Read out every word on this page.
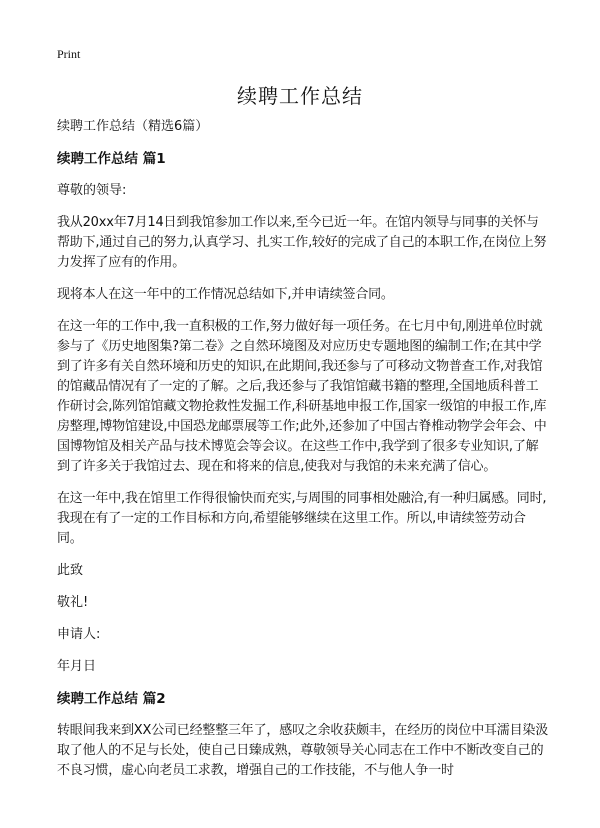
Print
续聘工作总结

续聘工作总结（精选6篇）

续聘工作总结 篇1

尊敬的领导:

我从20xx年7月14日到我馆参加工作以来,至今已近一年。在馆内领导与同事的关怀与帮助下,通过自己的努力,认真学习、扎实工作,较好的完成了自己的本职工作,在岗位上努力发挥了应有的作用。

现将本人在这一年中的工作情况总结如下,并申请续签合同。

在这一年的工作中,我一直积极的工作,努力做好每一项任务。在七月中旬,刚进单位时就参与了《历史地图集?第二卷》之自然环境图及对应历史专题地图的编制工作;在其中学到了许多有关自然环境和历史的知识,在此期间,我还参与了可移动文物普查工作,对我馆的馆藏品情况有了一定的了解。之后,我还参与了我馆馆藏书籍的整理,全国地质科普工作研讨会,陈列馆馆藏文物抢救性发掘工作,科研基地申报工作,国家一级馆的申报工作,库房整理,博物馆建设,中国恐龙邮票展等工作;此外,还参加了中国古脊椎动物学会年会、中国博物馆及相关产品与技术博览会等会议。在这些工作中,我学到了很多专业知识,了解到了许多关于我馆过去、现在和将来的信息,使我对与我馆的未来充满了信心。

在这一年中,我在馆里工作得很愉快而充实,与周围的同事相处融洽,有一种归属感。同时,我现在有了一定的工作目标和方向,希望能够继续在这里工作。所以,申请续签劳动合同。

此致

敬礼!

申请人:

年月日

续聘工作总结 篇2

转眼间我来到XX公司已经整整三年了，感叹之余收获颇丰，在经历的岗位中耳濡目染汲取了他人的不足与长处，使自己日臻成熟，尊敬领导关心同志在工作中不断改变自己的不良习惯，虚心向老员工求教，增强自己的工作技能，不与他人争一时
